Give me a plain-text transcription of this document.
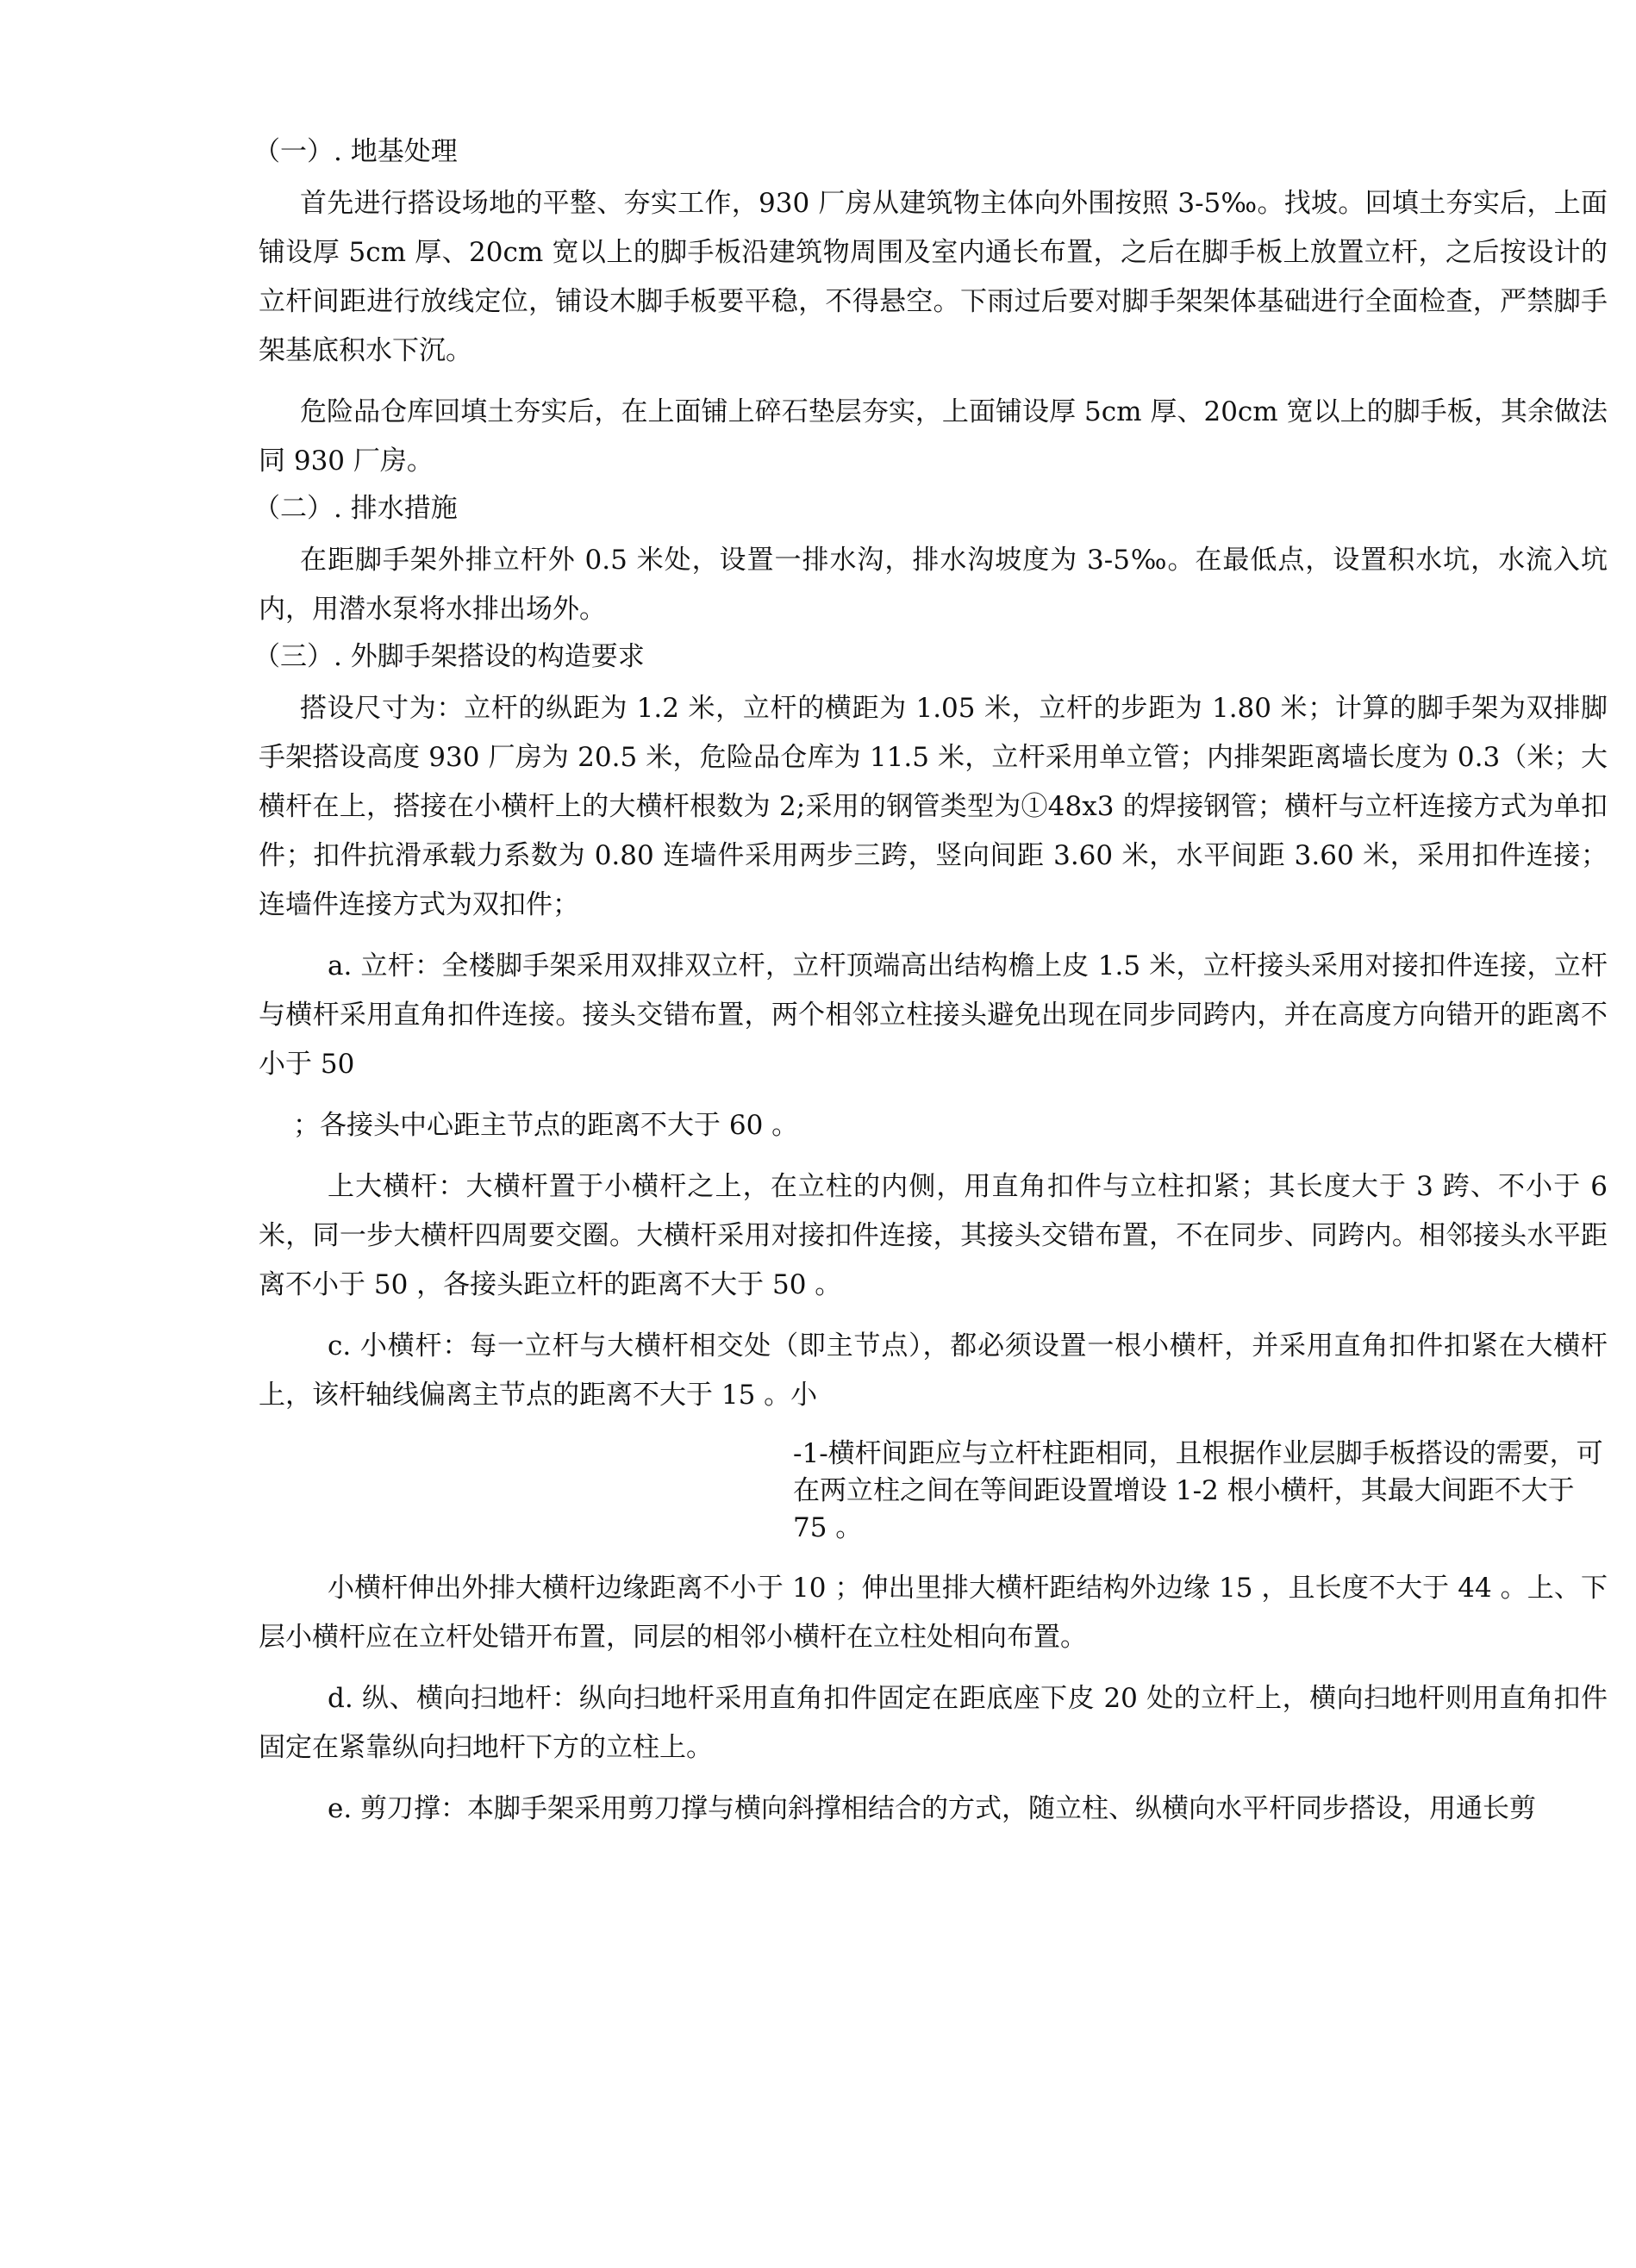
（一）. 地基处理

首先进行搭设场地的平整、夯实工作，930 厂房从建筑物主体向外围按照 3-5‰。找坡。回填土夯实后，上面铺设厚 5cm 厚、20cm 宽以上的脚手板沿建筑物周围及室内通长布置，之后在脚手板上放置立杆，之后按设计的立杆间距进行放线定位，铺设木脚手板要平稳，不得悬空。下雨过后要对脚手架架体基础进行全面检查，严禁脚手架基底积水下沉。

危险品仓库回填土夯实后，在上面铺上碎石垫层夯实，上面铺设厚 5cm 厚、20cm 宽以上的脚手板，其余做法同 930 厂房。

（二）. 排水措施

在距脚手架外排立杆外 0.5 米处，设置一排水沟，排水沟坡度为 3-5‰。在最低点，设置积水坑，水流入坑内，用潜水泵将水排出场外。

（三）. 外脚手架搭设的构造要求

搭设尺寸为：立杆的纵距为 1.2 米，立杆的横距为 1.05 米，立杆的步距为 1.80 米；计算的脚手架为双排脚手架搭设高度 930 厂房为 20.5 米，危险品仓库为 11.5 米，立杆采用单立管；内排架距离墙长度为 0.3（米；大横杆在上，搭接在小横杆上的大横杆根数为 2;采用的钢管类型为①48x3 的焊接钢管；横杆与立杆连接方式为单扣件；扣件抗滑承载力系数为 0.80 连墙件采用两步三跨，竖向间距 3.60 米，水平间距 3.60 米，采用扣件连接；连墙件连接方式为双扣件；

a. 立杆：全楼脚手架采用双排双立杆，立杆顶端高出结构檐上皮 1.5 米，立杆接头采用对接扣件连接，立杆与横杆采用直角扣件连接。接头交错布置，两个相邻立柱接头避免出现在同步同跨内，并在高度方向错开的距离不小于 50

；各接头中心距主节点的距离不大于 60 。

上大横杆：大横杆置于小横杆之上，在立柱的内侧，用直角扣件与立柱扣紧；其长度大于 3 跨、不小于 6 米，同一步大横杆四周要交圈。大横杆采用对接扣件连接，其接头交错布置，不在同步、同跨内。相邻接头水平距离不小于 50 ，各接头距立杆的距离不大于 50 。

c. 小横杆：每一立杆与大横杆相交处（即主节点），都必须设置一根小横杆，并采用直角扣件扣紧在大横杆上，该杆轴线偏离主节点的距离不大于 15 。小

-1-横杆间距应与立杆柱距相同，且根据作业层脚手板搭设的需要，可在两立柱之间在等间距设置增设 1-2 根小横杆，其最大间距不大于 75 。

小横杆伸出外排大横杆边缘距离不小于 10 ；伸出里排大横杆距结构外边缘 15 ，且长度不大于 44 。上、下层小横杆应在立杆处错开布置，同层的相邻小横杆在立柱处相向布置。

d. 纵、横向扫地杆：纵向扫地杆采用直角扣件固定在距底座下皮 20 处的立杆上，横向扫地杆则用直角扣件固定在紧靠纵向扫地杆下方的立柱上。

e. 剪刀撑：本脚手架采用剪刀撑与横向斜撑相结合的方式，随立柱、纵横向水平杆同步搭设，用通长剪
